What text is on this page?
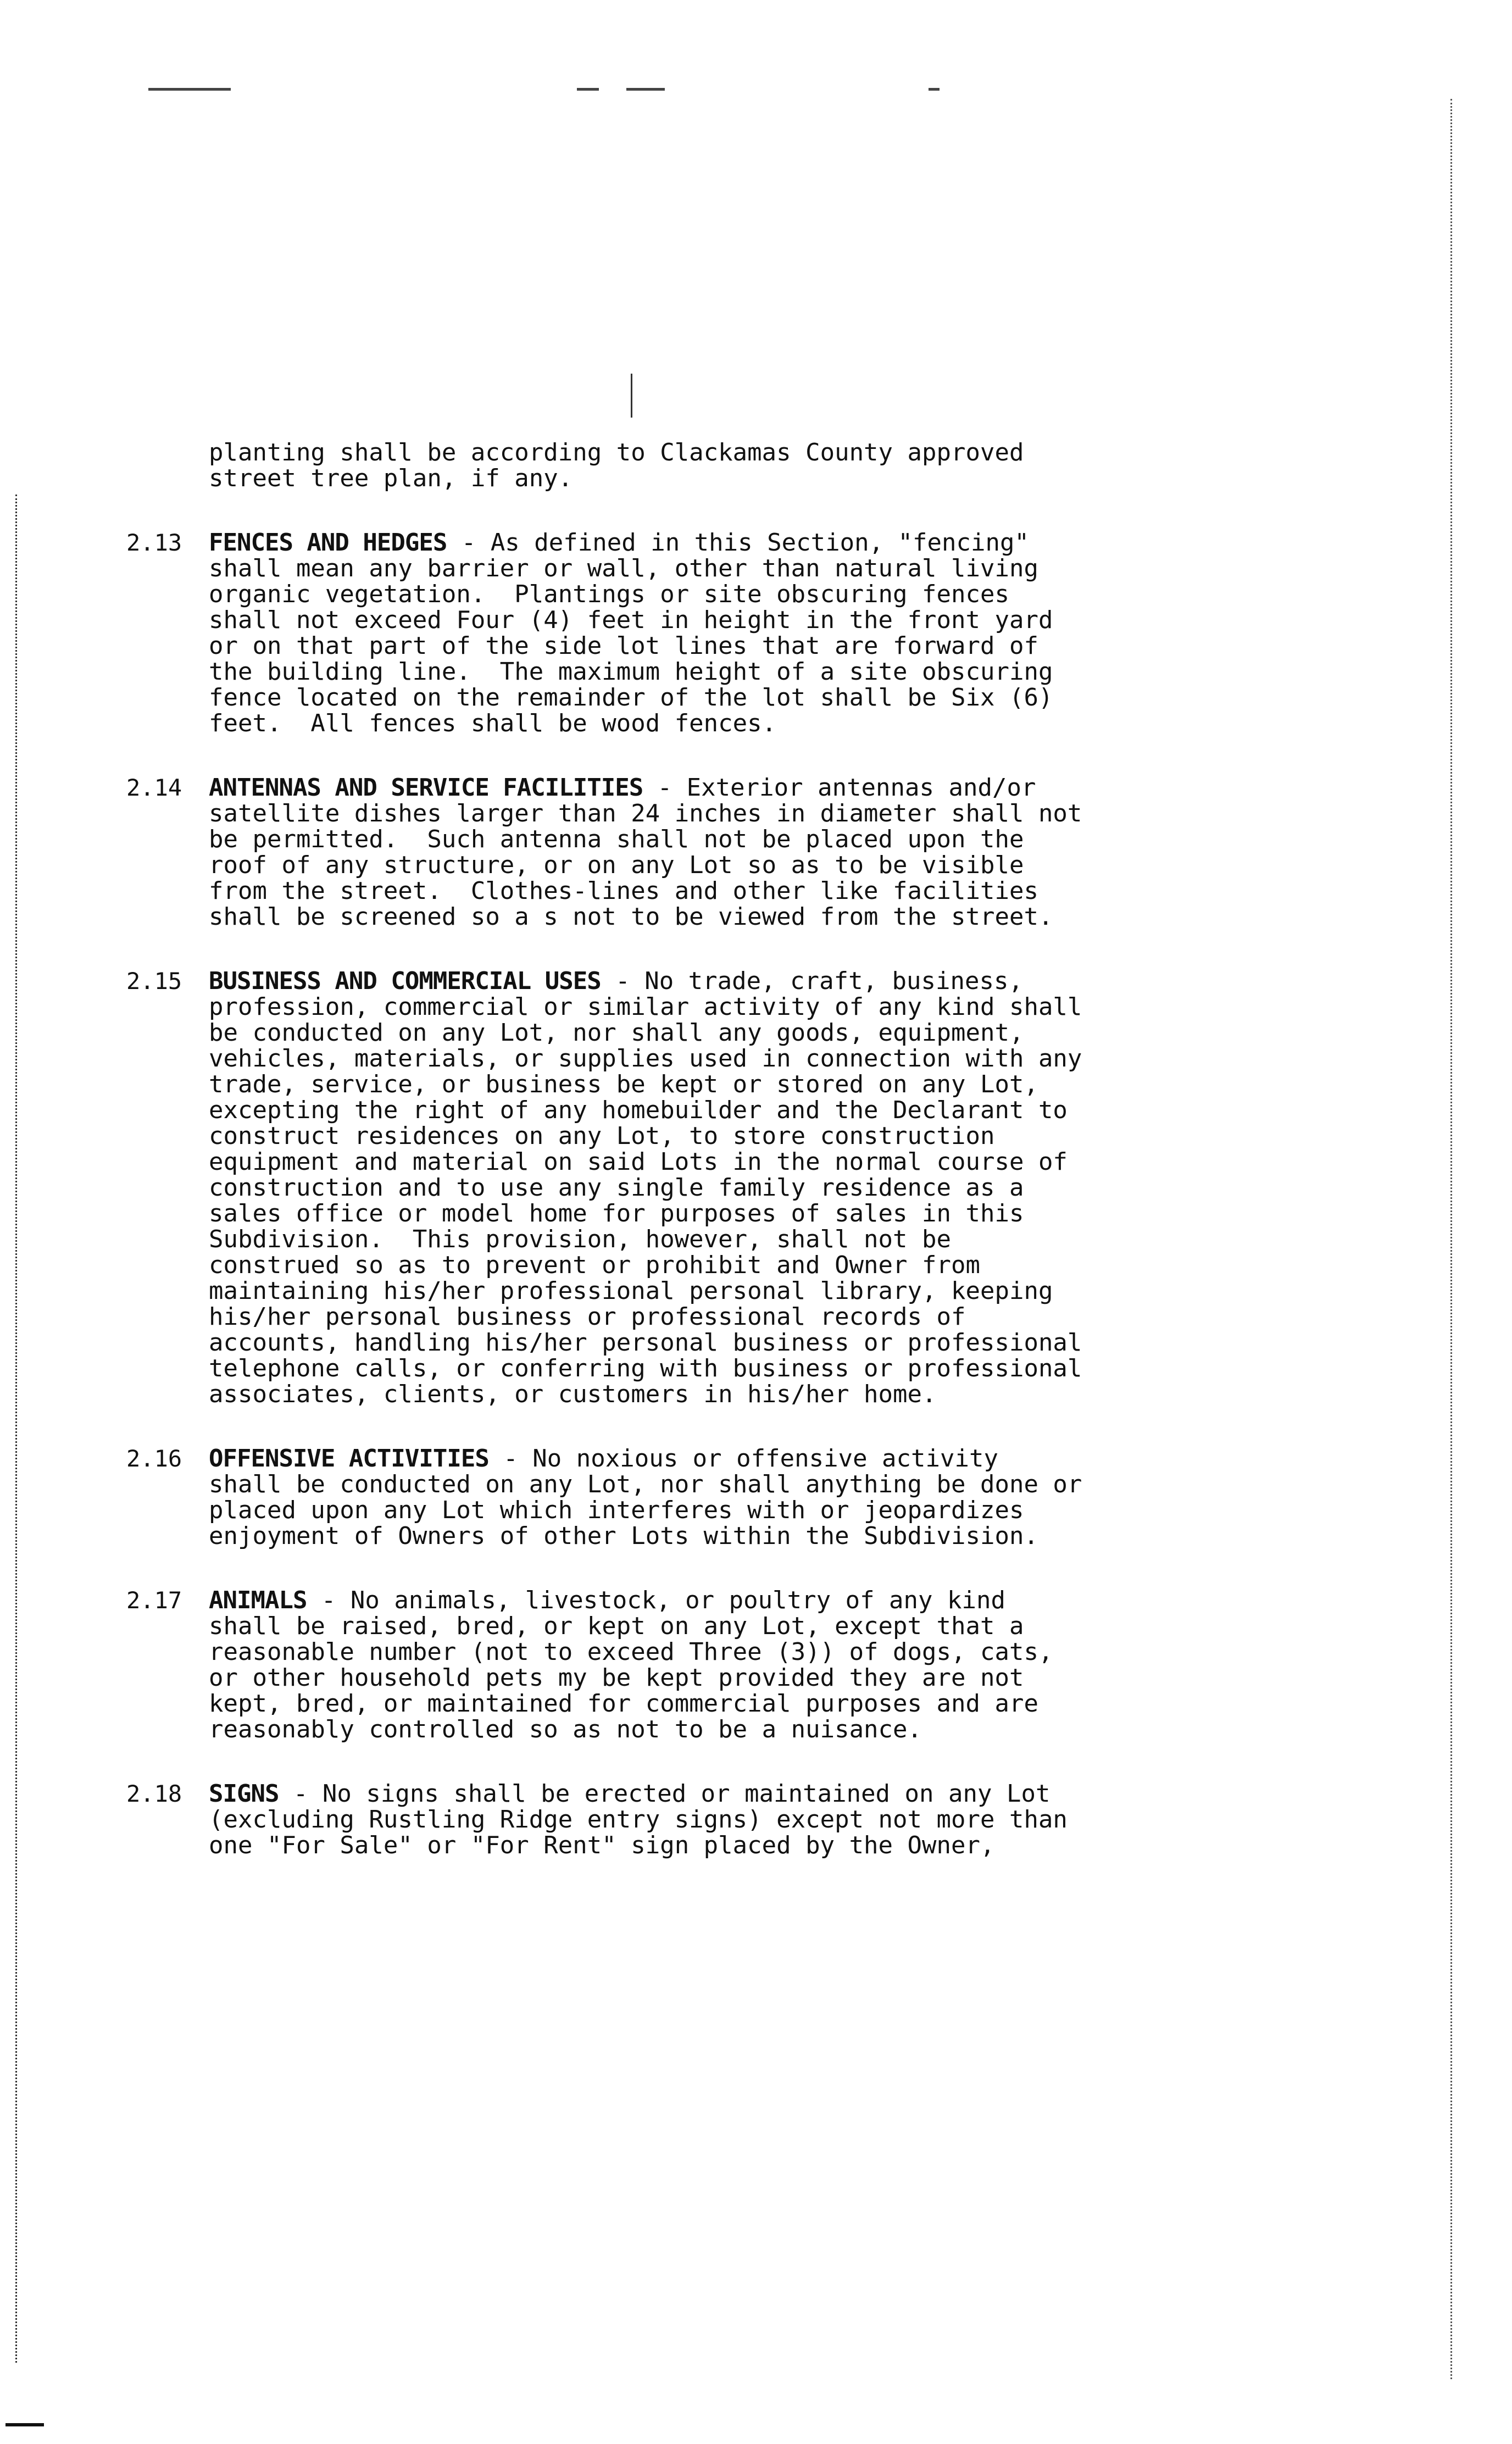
planting shall be according to Clackamas County approved
street tree plan, if any.

2.13	FENCES AND HEDGES - As defined in this Section, "fencing"
shall mean any barrier or wall, other than natural living
organic vegetation.  Plantings or site obscuring fences
shall not exceed Four (4) feet in height in the front yard
or on that part of the side lot lines that are forward of
the building line.  The maximum height of a site obscuring
fence located on the remainder of the lot shall be Six (6)
feet.  All fences shall be wood fences.

2.14	ANTENNAS AND SERVICE FACILITIES - Exterior antennas and/or
satellite dishes larger than 24 inches in diameter shall not
be permitted.  Such antenna shall not be placed upon the
roof of any structure, or on any Lot so as to be visible
from the street.  Clothes-lines and other like facilities
shall be screened so a s not to be viewed from the street.

2.15	BUSINESS AND COMMERCIAL USES - No trade, craft, business,
profession, commercial or similar activity of any kind shall
be conducted on any Lot, nor shall any goods, equipment,
vehicles, materials, or supplies used in connection with any
trade, service, or business be kept or stored on any Lot,
excepting the right of any homebuilder and the Declarant to
construct residences on any Lot, to store construction
equipment and material on said Lots in the normal course of
construction and to use any single family residence as a
sales office or model home for purposes of sales in this
Subdivision.  This provision, however, shall not be
construed so as to prevent or prohibit and Owner from
maintaining his/her professional personal library, keeping
his/her personal business or professional records of
accounts, handling his/her personal business or professional
telephone calls, or conferring with business or professional
associates, clients, or customers in his/her home.

2.16	OFFENSIVE ACTIVITIES - No noxious or offensive activity
shall be conducted on any Lot, nor shall anything be done or
placed upon any Lot which interferes with or jeopardizes
enjoyment of Owners of other Lots within the Subdivision.

2.17	ANIMALS - No animals, livestock, or poultry of any kind
shall be raised, bred, or kept on any Lot, except that a
reasonable number (not to exceed Three (3)) of dogs, cats,
or other household pets my be kept provided they are not
kept, bred, or maintained for commercial purposes and are
reasonably controlled so as not to be a nuisance.

2.18	SIGNS - No signs shall be erected or maintained on any Lot
(excluding Rustling Ridge entry signs) except not more than
one "For Sale" or "For Rent" sign placed by the Owner,
